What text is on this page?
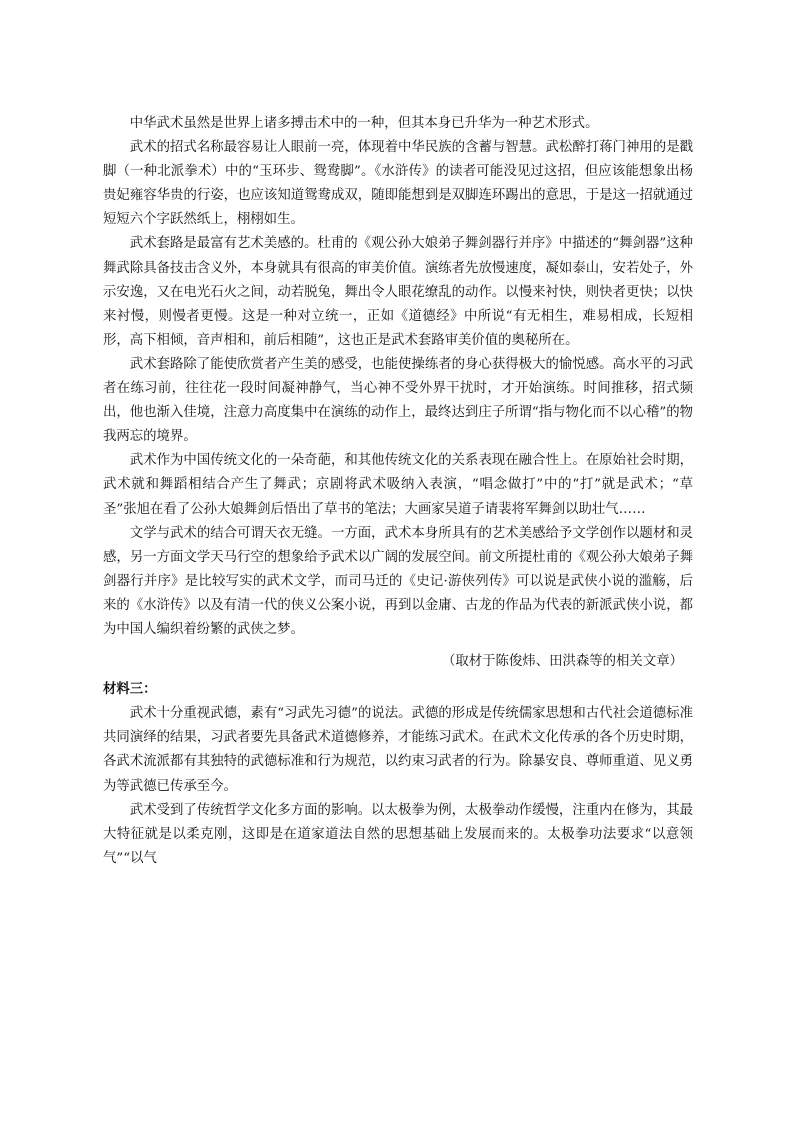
中华武术虽然是世界上诸多搏击术中的一种，但其本身已升华为一种艺术形式。

武术的招式名称最容易让人眼前一亮，体现着中华民族的含蓄与智慧。武松醉打蒋门神用的是戳脚（一种北派拳术）中的“玉环步、鸳鸯脚”。《水浒传》的读者可能没见过这招，但应该能想象出杨贵妃雍容华贵的行姿，也应该知道鸳鸯成双，随即能想到是双脚连环踢出的意思，于是这一招就通过短短六个字跃然纸上，栩栩如生。

武术套路是最富有艺术美感的。杜甫的《观公孙大娘弟子舞剑器行并序》中描述的“舞剑器”这种舞武除具备技击含义外，本身就具有很高的审美价值。演练者先放慢速度，凝如泰山，安若处子，外示安逸，又在电光石火之间，动若脱兔，舞出令人眼花缭乱的动作。以慢来衬快，则快者更快；以快来衬慢，则慢者更慢。这是一种对立统一，正如《道德经》中所说“有无相生，难易相成，长短相形，高下相倾，音声相和，前后相随”，这也正是武术套路审美价值的奥秘所在。

武术套路除了能使欣赏者产生美的感受，也能使操练者的身心获得极大的愉悦感。高水平的习武者在练习前，往往花一段时间凝神静气，当心神不受外界干扰时，才开始演练。时间推移，招式频出，他也渐入佳境，注意力高度集中在演练的动作上，最终达到庄子所谓“指与物化而不以心稽”的物我两忘的境界。

武术作为中国传统文化的一朵奇葩，和其他传统文化的关系表现在融合性上。在原始社会时期，武术就和舞蹈相结合产生了舞武；京剧将武术吸纳入表演，“唱念做打”中的“打”就是武术；“草圣”张旭在看了公孙大娘舞剑后悟出了草书的笔法；大画家吴道子请裴将军舞剑以助壮气……

文学与武术的结合可谓天衣无缝。一方面，武术本身所具有的艺术美感给予文学创作以题材和灵感，另一方面文学天马行空的想象给予武术以广阔的发展空间。前文所提杜甫的《观公孙大娘弟子舞剑器行并序》是比较写实的武术文学，而司马迁的《史记·游侠列传》可以说是武侠小说的滥觞，后来的《水浒传》以及有清一代的侠义公案小说，再到以金庸、古龙的作品为代表的新派武侠小说，都为中国人编织着纷繁的武侠之梦。

（取材于陈俊炜、田洪森等的相关文章）

材料三：

武术十分重视武德，素有“习武先习德”的说法。武德的形成是传统儒家思想和古代社会道德标准共同演绎的结果，习武者要先具备武术道德修养，才能练习武术。在武术文化传承的各个历史时期，各武术流派都有其独特的武德标准和行为规范，以约束习武者的行为。除暴安良、尊师重道、见义勇为等武德已传承至今。

武术受到了传统哲学文化多方面的影响。以太极拳为例，太极拳动作缓慢，注重内在修为，其最大特征就是以柔克刚，这即是在道家道法自然的思想基础上发展而来的。太极拳功法要求“以意领气”“以气
